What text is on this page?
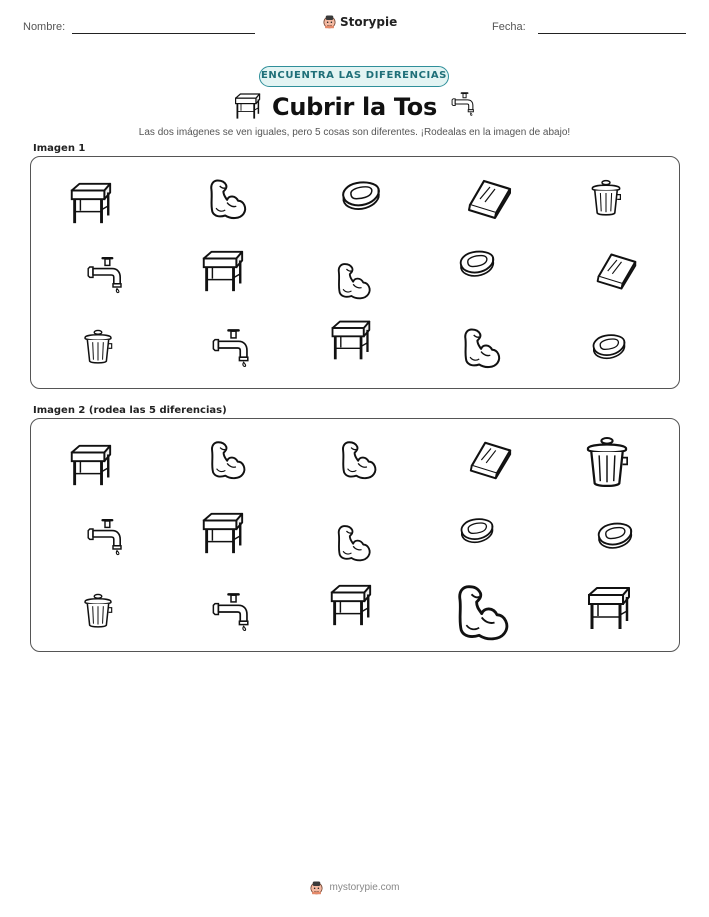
Nombre:	Storypie	Fecha:
ENCUENTRA LAS DIFERENCIAS
Cubrir la Tos
Las dos imágenes se ven iguales, pero 5 cosas son diferentes. ¡Rodealas en la imagen de abajo!
Imagen 1
Imagen 2 (rodea las 5 diferencias)
mystorypie.com
